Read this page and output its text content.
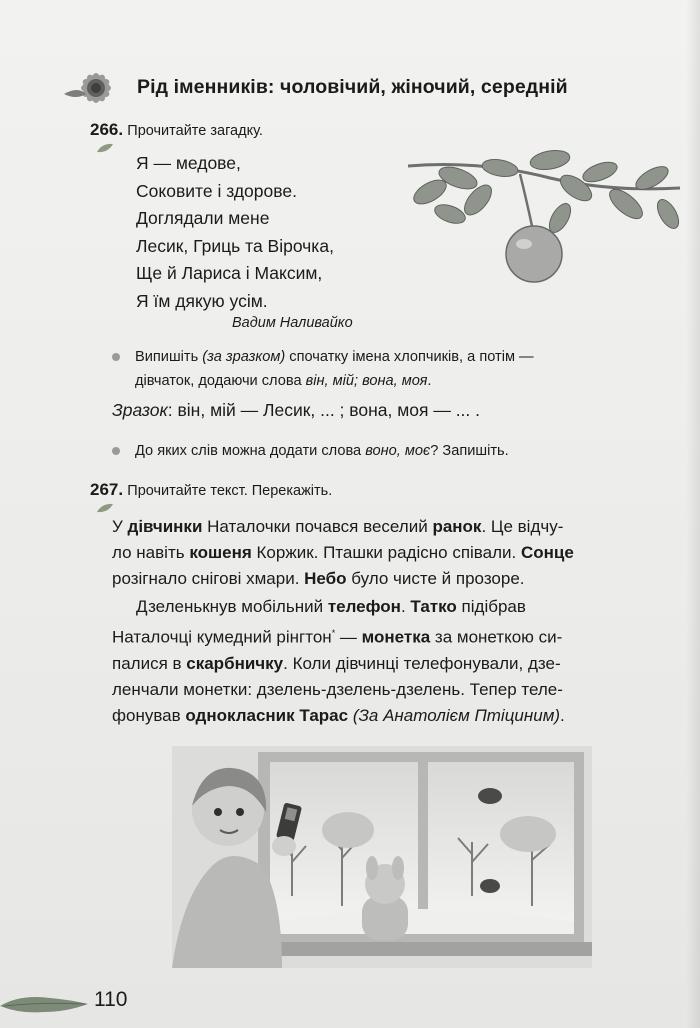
Рід іменників: чоловічий, жіночий, середній
266. Прочитайте загадку.
Я — медове,
Соковите і здорове.
Доглядали мене
Лесик, Гриць та Вірочка,
Ще й Лариса і Максим,
Я їм дякую усім.
Вадим Наливайко
Випишіть (за зразком) спочатку імена хлопчиків, а потім —
дівчаток, додаючи слова він, мій; вона, моя.
Зразок: він, мій — Лесик, ... ; вона, моя — ... .
До яких слів можна додати слова воно, моє? Запишіть.
267. Прочитайте текст. Перекажіть.
У дівчинки Наталочки почався веселий ранок. Це відчу-
ло навіть кошеня Коржик. Пташки радісно співали. Сонце
розігнало снігові хмари. Небо було чисте й прозоре.
Дзеленькнув мобільний телефон. Татко підібрав
Наталочці кумедний рінгтон* — монетка за монеткою си-
палися в скарбничку. Коли дівчинці телефонували, дзе-
ленчали монетки: дзелень-дзелень-дзелень. Тепер теле-
фонував однокласник Тарас (За Анатолієм Птіциним).
110
